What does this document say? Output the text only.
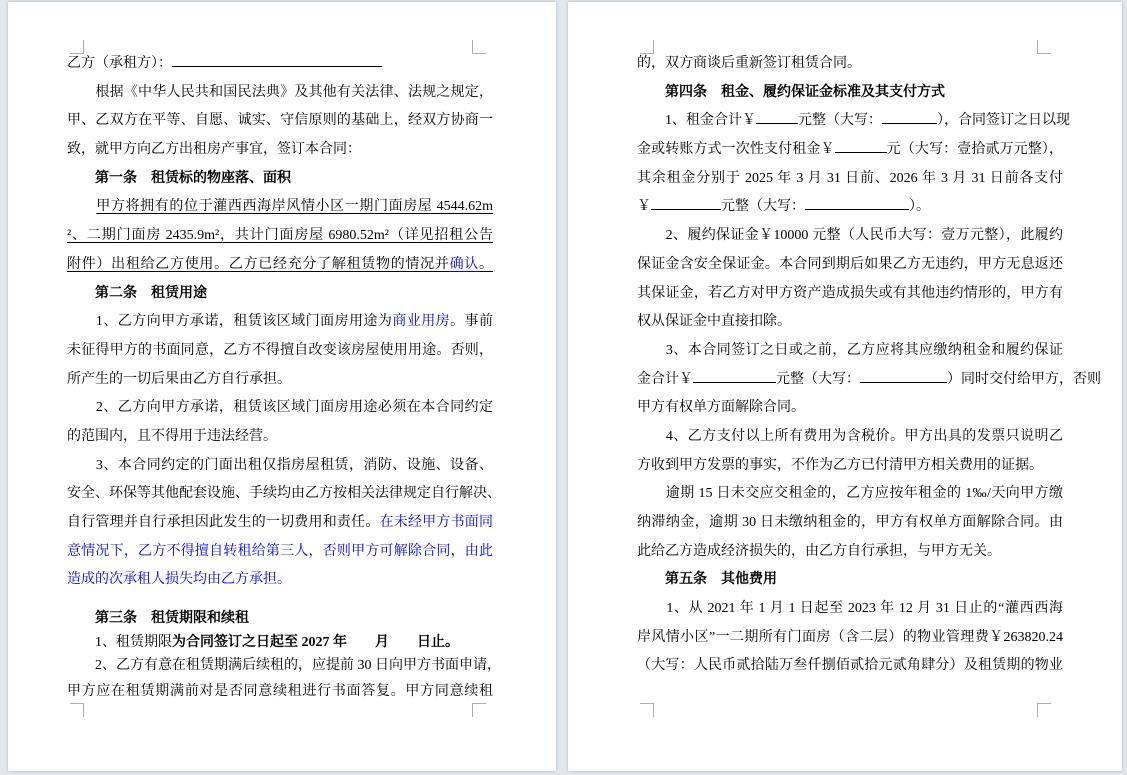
乙方（承租方）：
　　根据《中华人民共和国民法典》及其他有关法律、法规之规定，
甲、乙双方在平等、自愿、诚实、守信原则的基础上，经双方协商一
致，就甲方向乙方出租房产事宜，签订本合同：
　　第一条　租赁标的物座落、面积
　　甲方将拥有的位于灌西西海岸风情小区一期门面房屋 4544.62m
²、二期门面房 2435.9m²，共计门面房屋 6980.52m²（详见招租公告
附件）出租给乙方使用。乙方已经充分了解租赁物的情况并确认。
　　第二条　租赁用途
　　1、乙方向甲方承诺，租赁该区域门面房用途为商业用房。事前
未征得甲方的书面同意，乙方不得擅自改变该房屋使用用途。否则，
所产生的一切后果由乙方自行承担。
　　2、乙方向甲方承诺，租赁该区域门面房用途必须在本合同约定
的范围内，且不得用于违法经营。
　　3、本合同约定的门面出租仅指房屋租赁，消防、设施、设备、
安全、环保等其他配套设施、手续均由乙方按相关法律规定自行解决、
自行管理并自行承担因此发生的一切费用和责任。在未经甲方书面同
意情况下，乙方不得擅自转租给第三人，否则甲方可解除合同，由此
造成的次承租人损失均由乙方承担。
　　第三条　租赁期限和续租
　　1、租赁期限为合同签订之日起至 2027 年　　月　　日止。
　　2、乙方有意在租赁期满后续租的，应提前 30 日向甲方书面申请，
甲方应在租赁期满前对是否同意续租进行书面答复。甲方同意续租
的，双方商谈后重新签订租赁合同。
　　第四条　租金、履约保证金标准及其支付方式
　　1、租金合计￥	元整（大写：	），合同签订之日以现
金或转账方式一次性支付租金￥	元（大写：壹拾贰万元整），
其余租金分别于 2025 年 3 月 31 日前、2026 年 3 月 31 日前各支付
￥	元整（大写：	）。
　　2、履约保证金￥10000 元整（人民币大写：壹万元整），此履约
保证金含安全保证金。本合同到期后如果乙方无违约，甲方无息返还
其保证金，若乙方对甲方资产造成损失或有其他违约情形的，甲方有
权从保证金中直接扣除。
　　3、本合同签订之日或之前，乙方应将其应缴纳租金和履约保证
金合计￥	元整（大写：	）同时交付给甲方，否则
甲方有权单方面解除合同。
　　4、乙方支付以上所有费用为含税价。甲方出具的发票只说明乙
方收到甲方发票的事实，不作为乙方已付清甲方相关费用的证据。
　　逾期 15 日未交应交租金的，乙方应按年租金的 1‰/天向甲方缴
纳滞纳金，逾期 30 日未缴纳租金的，甲方有权单方面解除合同。由
此给乙方造成经济损失的，由乙方自行承担，与甲方无关。
　　第五条　其他费用
　　1、从 2021 年 1 月 1 日起至 2023 年 12 月 31 日止的“灌西西海
岸风情小区”一二期所有门面房（含二层）的物业管理费￥263820.24
（大写：人民币贰拾陆万叁仟捌佰贰拾元贰角肆分）及租赁期的物业
